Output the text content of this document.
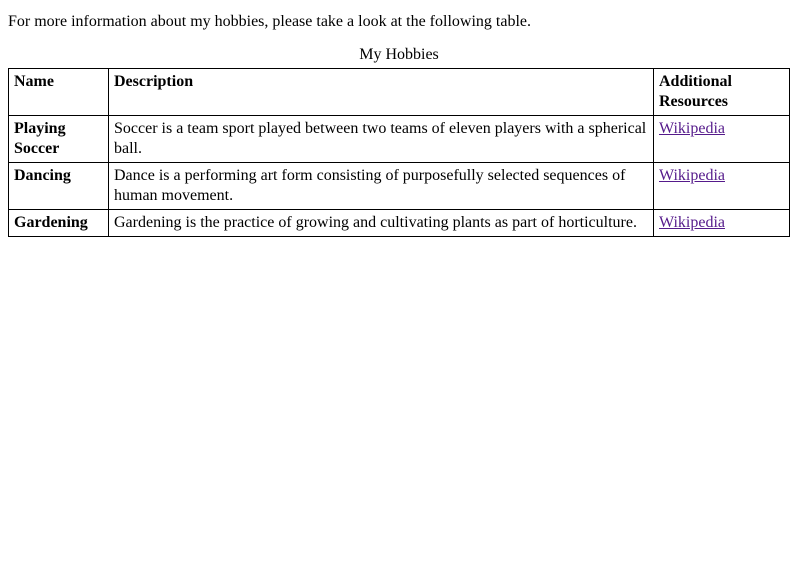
For more information about my hobbies, please take a look at the following table.

My Hobbies
Name	Description	Additional Resources
Playing Soccer	Soccer is a team sport played between two teams of eleven players with a spherical ball.	Wikipedia
Dancing	Dance is a performing art form consisting of purposefully selected sequences of human movement.	Wikipedia
Gardening	Gardening is the practice of growing and cultivating plants as part of horticulture.	Wikipedia
